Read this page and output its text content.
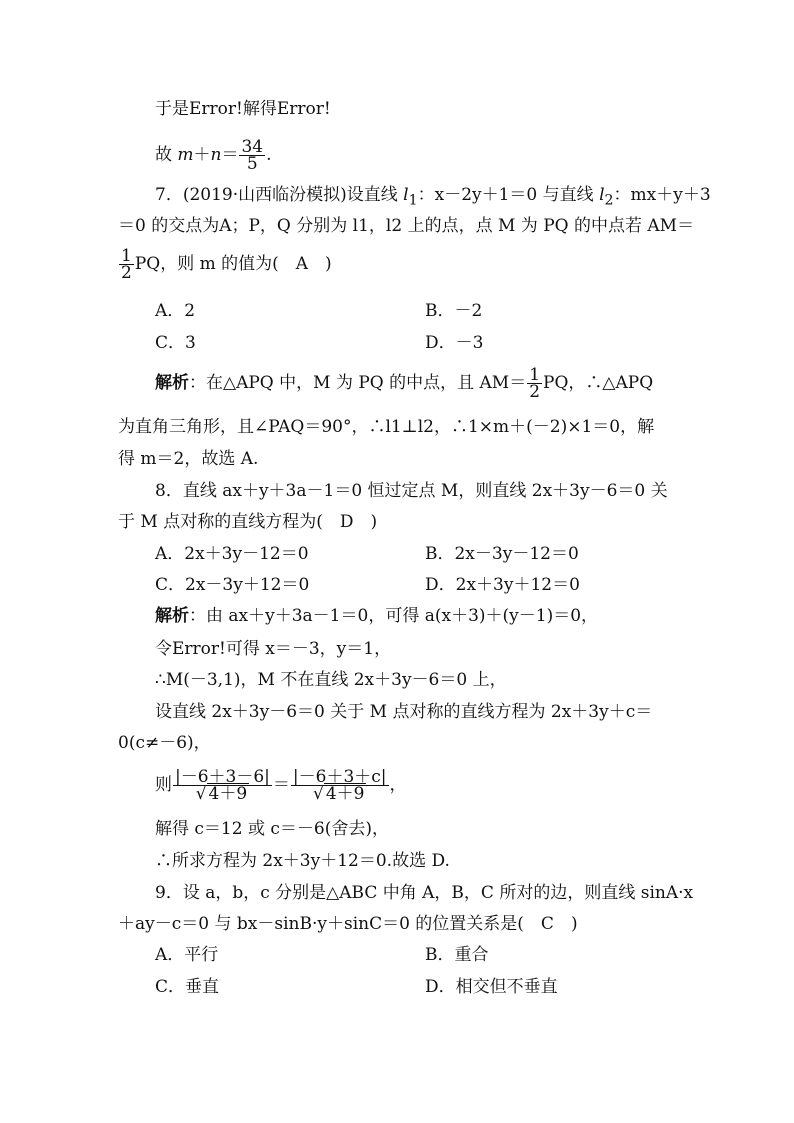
于是Error!解得Error!
故 $m+n= \frac{34}{5}$ .
7．(2019·山西临汾模拟)设直线 $l_1$：x－2y＋1＝0 与直线 $l_2$：mx＋y＋3
＝0 的交点为A；P，Q 分别为 l1，l2 上的点，点 M 为 PQ 的中点若 AM＝
$\frac{1}{2}$ PQ，则 m 的值为(　A　)
A．2	B．－2
C．3	D．－3
解析：在△APQ 中，M 为 PQ 的中点，且 $AM= \frac{1}{2}$ PQ，∴△APQ
为直角三角形，且∠PAQ＝90°，∴l1⊥l2，∴1×m＋(－2)×1＝0，解
得 m＝2，故选 A.
8．直线 ax＋y＋3a－1＝0 恒过定点 M，则直线 2x＋3y－6＝0 关
于 M 点对称的直线方程为(　D　)
A．2x＋3y－12＝0	B．2x－3y－12＝0
C．2x－3y＋12＝0	D．2x＋3y＋12＝0
解析：由 ax＋y＋3a－1＝0，可得 a(x＋3)＋(y－1)＝0，
令Error!可得 x＝－3，y＝1，
∴M(－3,1)，M 不在直线 2x＋3y－6＝0 上，
设直线 2x＋3y－6＝0 关于 M 点对称的直线方程为 2x＋3y＋c＝
0(c≠－6)，
则 $\frac{|-6+3-6|}{√ 4+9} = \frac{|-6+3+c|}{√ 4+9}$ ，
解得 c＝12 或 c＝－6(舍去)，
∴所求方程为 2x＋3y＋12＝0.故选 D.
9．设 a，b，c 分别是△ABC 中角 A，B，C 所对的边，则直线 sinA·x
＋ay－c＝0 与 bx－sinB·y＋sinC＝0 的位置关系是(　C　)
A．平行	B．重合
C．垂直	D．相交但不垂直
